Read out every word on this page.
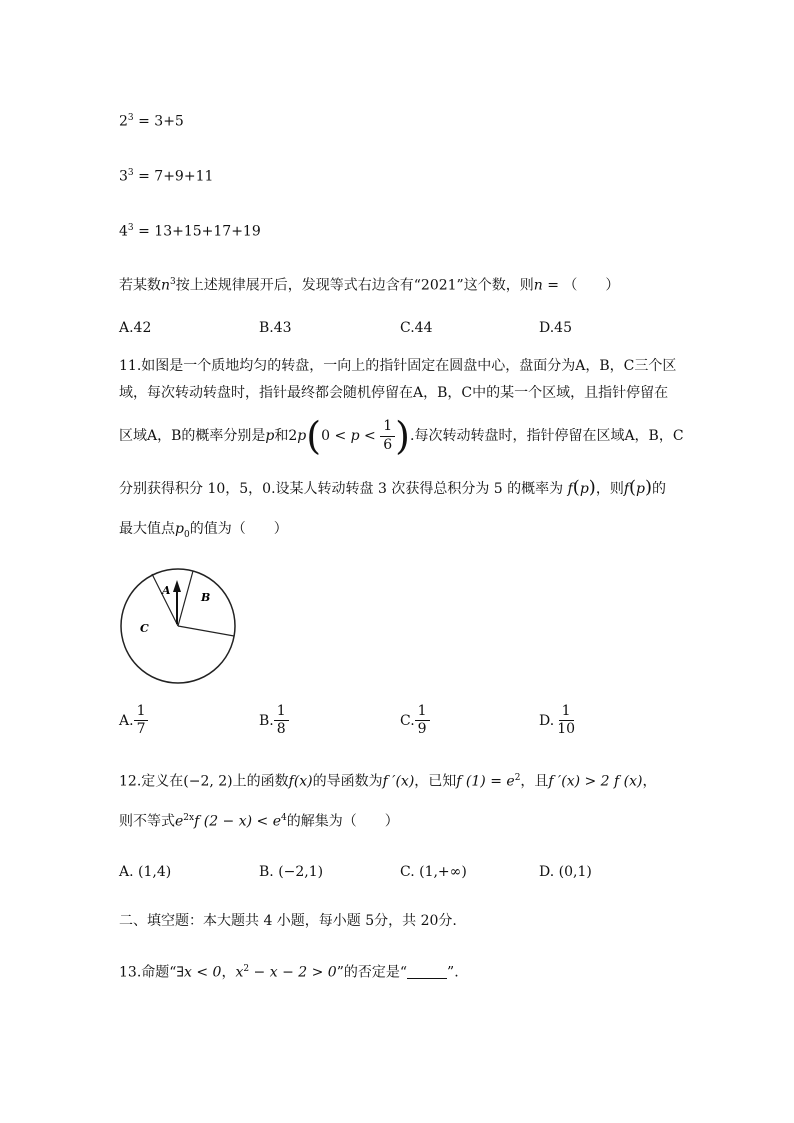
$2^3 = 3+5$
$3^3 = 7+9+11$
$4^3 = 13+15+17+19$
若某数$n^3$按上述规律展开后，发现等式右边含有“2021”这个数，则n = （　　）
A.42	B.43	C.44	D.45
11.如图是一个质地均匀的转盘，一向上的指针固定在圆盘中心，盘面分为A，B，C三个区
域，每次转动转盘时，指针最终都会随机停留在A，B，C中的某一个区域，且指针停留在
区域A，B的概率分别是p和$2p(0 < p < \frac{1}{6}$ ).每次转动转盘时，指针停留在区域A，B，C
分别获得积分 10，5，0.设某人转动转盘 3 次获得总积分为 5 的概率为 f(p)，则f(p)的
最大值点$p_0$的值为（　　）
A
B
C
A. $\frac{1}{7}$	B. $\frac{1}{8}$	C. $\frac{1}{9}$	D. $\frac{1}{10}$
12.定义在(−2, 2)上的函数f(x)的导函数为f ′(x)，已知f $(1) = e^2$，且f ′(x) > 2 f (x)，
则不等式$e^{2x}f$ $(2 - x) < e^4$的解集为（　　）
A. (1,4)	B. (−2,1)	C. (1,+∞)	D. (0,1)
二、填空题：本大题共 4 小题，每小题 5分，共 20分.
13.命题“∃x < 0，$x^2 - x - 2 > 0$”的否定是“	”.
